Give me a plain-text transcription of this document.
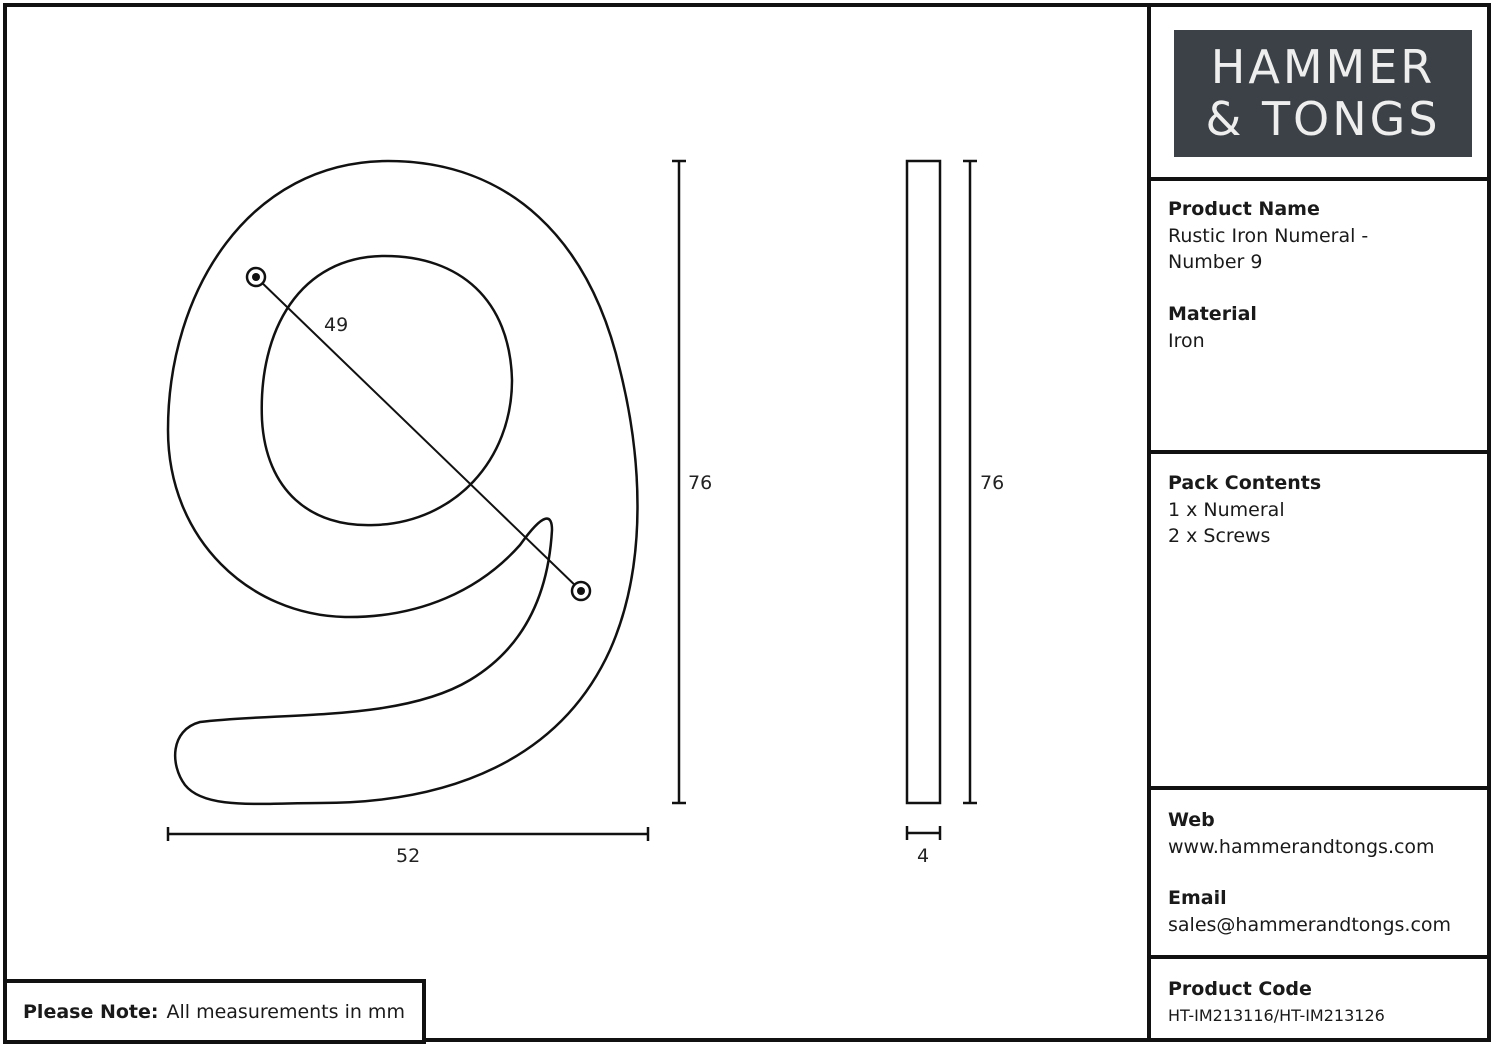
49
76
52
76
4
HAMMER
& TONGS

Product Name

Rustic Iron Numeral - Number 9

Material

Iron

Pack Contents

1 x Numeral

2 x Screws

Web

www.hammerandtongs.com

Email

sales@hammerandtongs.com

Product Code

HT-IM213116/HT-IM213126

Please Note: All measurements in mm
